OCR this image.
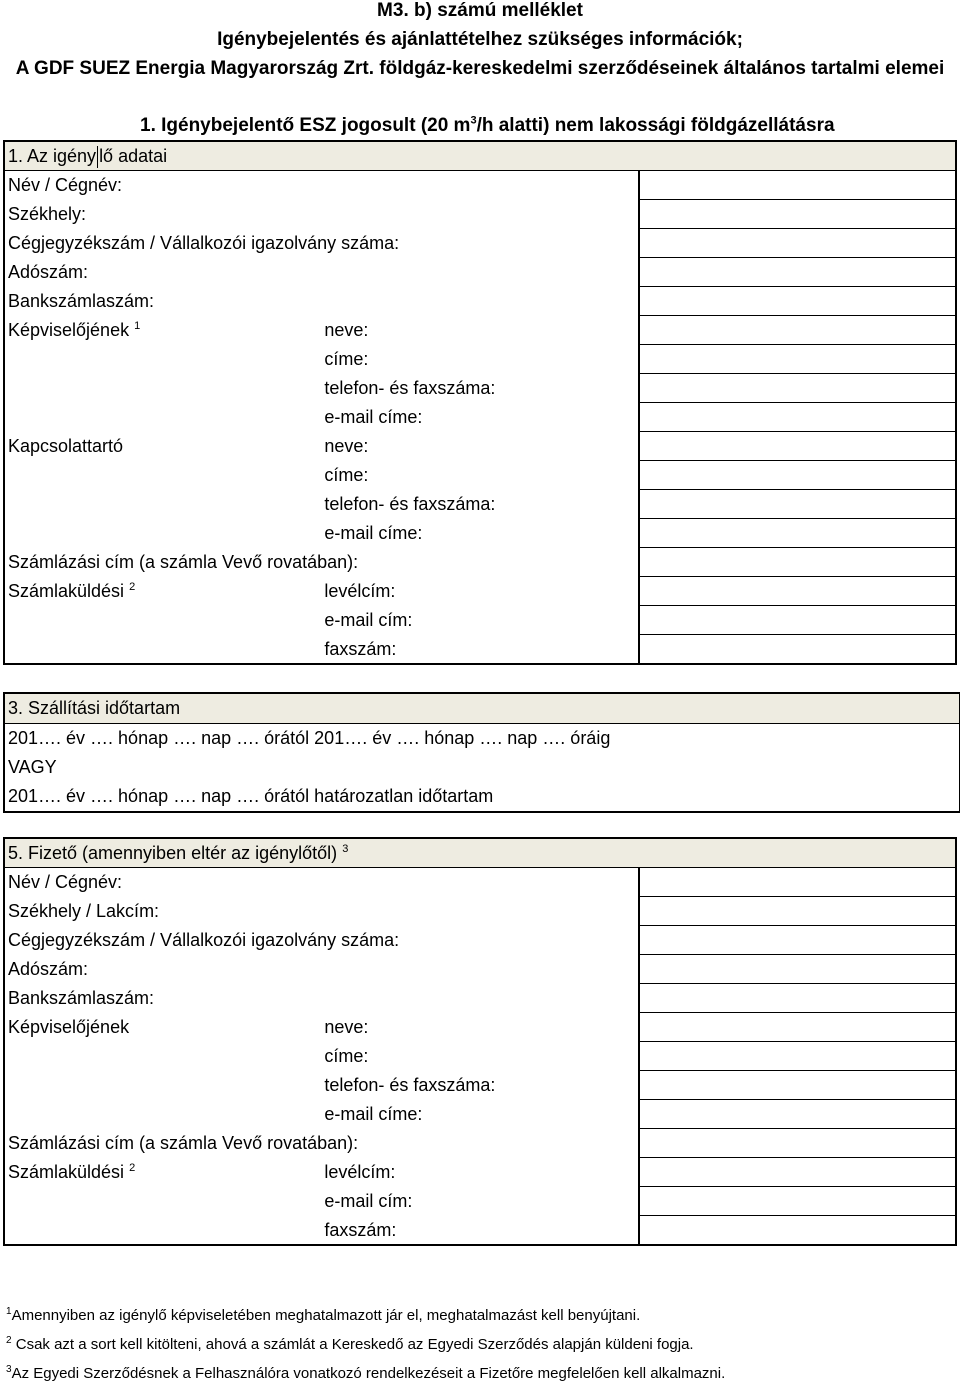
M3. b) számú melléklet
Igénybejelentés és ajánlattételhez szükséges információk;
A GDF SUEZ Energia Magyarország Zrt. földgáz-kereskedelmi szerződéseinek általános tartalmi elemei
1. Igénybejelentő ESZ jogosult (20 $m^3/h$ alatti) nem lakossági földgázellátásra
1. Az igény lő adatai		
Név / Cégnév:		
Székhely:		
Cégjegyzékszám / Vállalkozói igazolvány száma:		
Adószám:		
Bankszámlaszám:		
Képviselőjének $^1$	neve:	
	címe:	
	telefon- és faxszáma:	
	e-mail címe:	
Kapcsolattartó	neve:	
	címe:	
	telefon- és faxszáma:	
	e-mail címe:	
Számlázási cím (a számla Vevő rovatában):		
Számlaküldési $^2$	levélcím:	
	e-mail cím:	
	faxszám:	
3. Szállítási időtartam
201…. év …. hónap …. nap …. órától 201…. év …. hónap …. nap …. óráig
VAGY
201…. év …. hónap …. nap …. órától határozatlan időtartam
5. Fizető (amennyiben eltér az igénylőtől) $^3$
Név / Cégnév:		
Székhely / Lakcím:		
Cégjegyzékszám / Vállalkozói igazolvány száma:		
Adószám:		
Bankszámlaszám:		
Képviselőjének	neve:	
	címe:	
	telefon- és faxszáma:	
	e-mail címe:	
Számlázási cím (a számla Vevő rovatában):		
Számlaküldési $^2$	levélcím:	
	e-mail cím:	
	faxszám:	
$^1$Amennyiben az igénylő képviseletében meghatalmazott jár el, meghatalmazást kell benyújtani.
$^2$ Csak azt a sort kell kitölteni, ahová a számlát a Kereskedő az Egyedi Szerződés alapján küldeni fogja.
$^3$Az Egyedi Szerződésnek a Felhasználóra vonatkozó rendelkezéseit a Fizetőre megfelelően kell alkalmazni.
